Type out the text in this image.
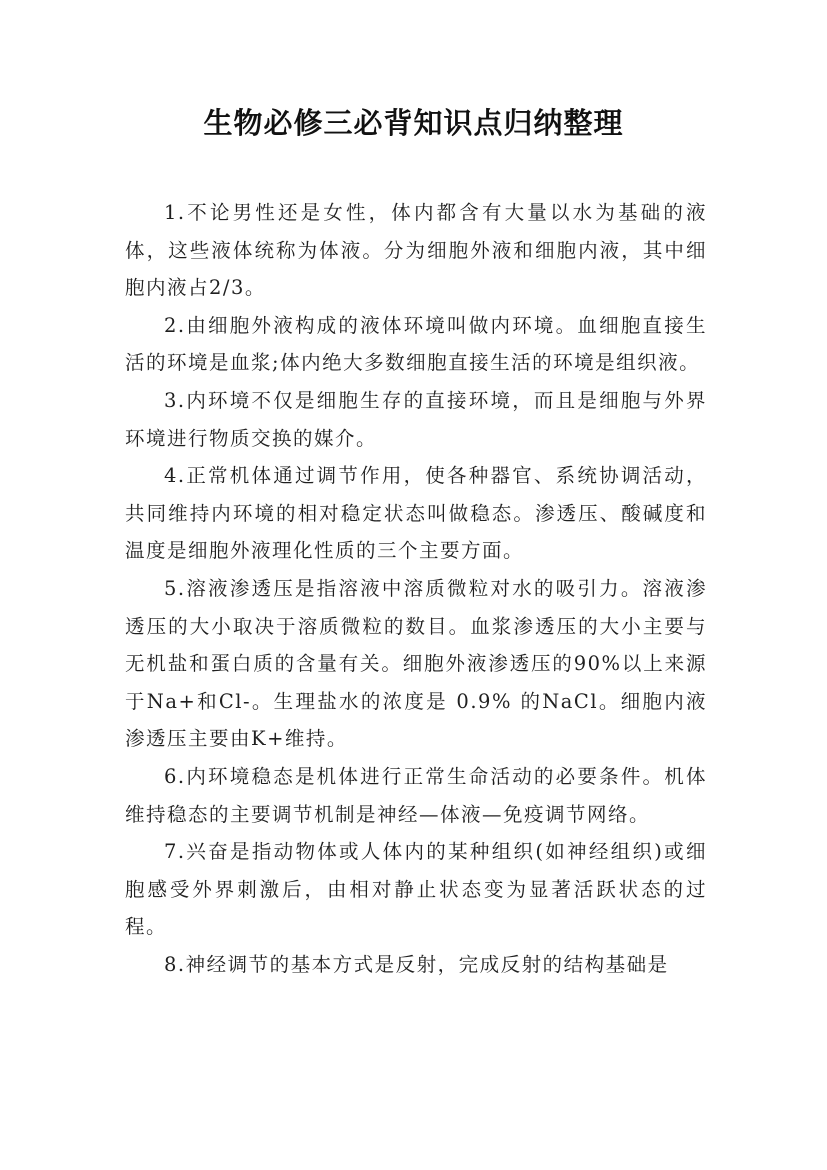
生物必修三必背知识点归纳整理

1.不论男性还是女性，体内都含有大量以水为基础的液体，这些液体统称为体液。分为细胞外液和细胞内液，其中细胞内液占2/3。

2.由细胞外液构成的液体环境叫做内环境。血细胞直接生活的环境是血浆;体内绝大多数细胞直接生活的环境是组织液。

3.内环境不仅是细胞生存的直接环境，而且是细胞与外界环境进行物质交换的媒介。

4.正常机体通过调节作用，使各种器官、系统协调活动，共同维持内环境的相对稳定状态叫做稳态。渗透压、酸碱度和温度是细胞外液理化性质的三个主要方面。

5.溶液渗透压是指溶液中溶质微粒对水的吸引力。溶液渗透压的大小取决于溶质微粒的数目。血浆渗透压的大小主要与无机盐和蛋白质的含量有关。细胞外液渗透压的90%以上来源于Na+和Cl-。生理盐水的浓度是 0.9% 的NaCl。细胞内液渗透压主要由K+维持。

6.内环境稳态是机体进行正常生命活动的必要条件。机体维持稳态的主要调节机制是神经—体液—免疫调节网络。

7.兴奋是指动物体或人体内的某种组织(如神经组织)或细胞感受外界刺激后，由相对静止状态变为显著活跃状态的过程。

8.神经调节的基本方式是反射，完成反射的结构基础是
